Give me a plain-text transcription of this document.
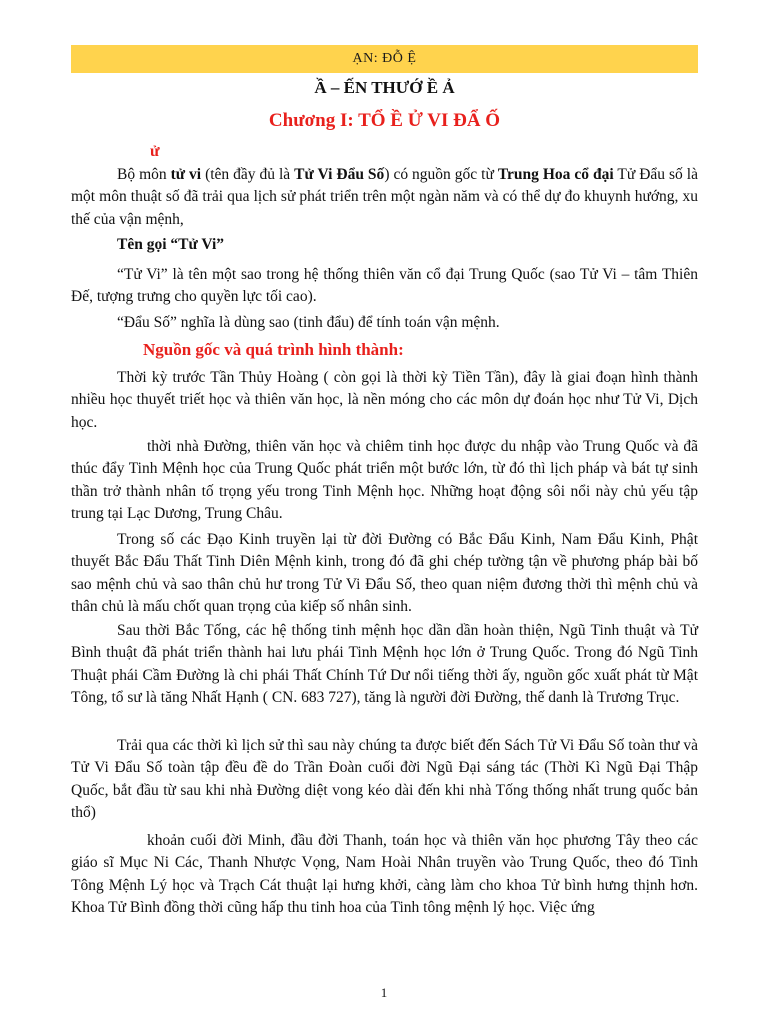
ẠN: ĐỖ Ệ
Ầ – ẾN THƯỚ Ề Ả
Chương I: TỔ Ề Ử VI ĐẨ Ố
ử
Bộ môn tử vi (tên đầy đủ là Tử Vi Đẩu Số) có nguồn gốc từ Trung Hoa cổ đại Tử Đẩu số là một môn thuật số đã trải qua lịch sử phát triển trên một ngàn năm và có thể dự đo khuynh hướng, xu thế của vận mệnh,
Tên gọi “Tử Vi”
“Tử Vi” là tên một sao trong hệ thống thiên văn cổ đại Trung Quốc (sao Tử Vi – tâm Thiên Đế, tượng trưng cho quyền lực tối cao).
“Đẩu Số” nghĩa là dùng sao (tinh đẩu) để tính toán vận mệnh.
Nguồn gốc và quá trình hình thành:
Thời kỳ trước Tần Thủy Hoàng ( còn gọi là thời kỳ Tiền Tần), đây là giai đoạn hình thành nhiều học thuyết triết học và thiên văn học, là nền móng cho các môn dự đoán học như Tử Vi, Dịch học.
thời nhà Đường, thiên văn học và chiêm tinh học được du nhập vào Trung Quốc và đã thúc đẩy Tinh Mệnh học của Trung Quốc phát triển một bước lớn, từ đó thì lịch pháp và bát tự sinh thần trở thành nhân tố trọng yếu trong Tinh Mệnh học. Những hoạt động sôi nổi này chủ yếu tập trung tại Lạc Dương, Trung Châu.
Trong số các Đạo Kinh truyền lại từ đời Đường có Bắc Đẩu Kinh, Nam Đẩu Kinh, Phật thuyết Bắc Đẩu Thất Tinh Diên Mệnh kinh, trong đó đã ghi chép tường tận về phương pháp bài bố sao mệnh chủ và sao thân chủ hư trong Tử Vi Đẩu Số, theo quan niệm đương thời thì mệnh chủ và thân chủ là mấu chốt quan trọng của kiếp số nhân sinh.
Sau thời Bắc Tống, các hệ thống tinh mệnh học dần dần hoàn thiện, Ngũ Tinh thuật và Tử Bình thuật đã phát triển thành hai lưu phái Tinh Mệnh học lớn ở Trung Quốc. Trong đó Ngũ Tinh Thuật phái Cầm Đường là chi phái Thất Chính Tứ Dư nổi tiếng thời ấy, nguồn gốc xuất phát từ Mật Tông, tổ sư là tăng Nhất Hạnh ( CN. 683 727), tăng là người đời Đường, thế danh là Trương Trục.
Trải qua các thời kì lịch sử thì sau này chúng ta được biết đến Sách Tử Vi Đẩu Số toàn thư và Tử Vi Đẩu Số toàn tập đều đề do Trần Đoàn cuối đời Ngũ Đại sáng tác (Thời Kì Ngũ Đại Thập Quốc, bắt đầu từ sau khi nhà Đường diệt vong kéo dài đến khi nhà Tống thống nhất trung quốc bản thổ)
khoản cuối đời Minh, đầu đời Thanh, toán học và thiên văn học phương Tây theo các giáo sĩ Mục Ni Các, Thanh Nhược Vọng, Nam Hoài Nhân truyền vào Trung Quốc, theo đó Tinh Tông Mệnh Lý học và Trạch Cát thuật lại hưng khởi, càng làm cho khoa Tử bình hưng thịnh hơn. Khoa Tử Bình đồng thời cũng hấp thu tinh hoa của Tinh tông mệnh lý học. Việc ứng
1
